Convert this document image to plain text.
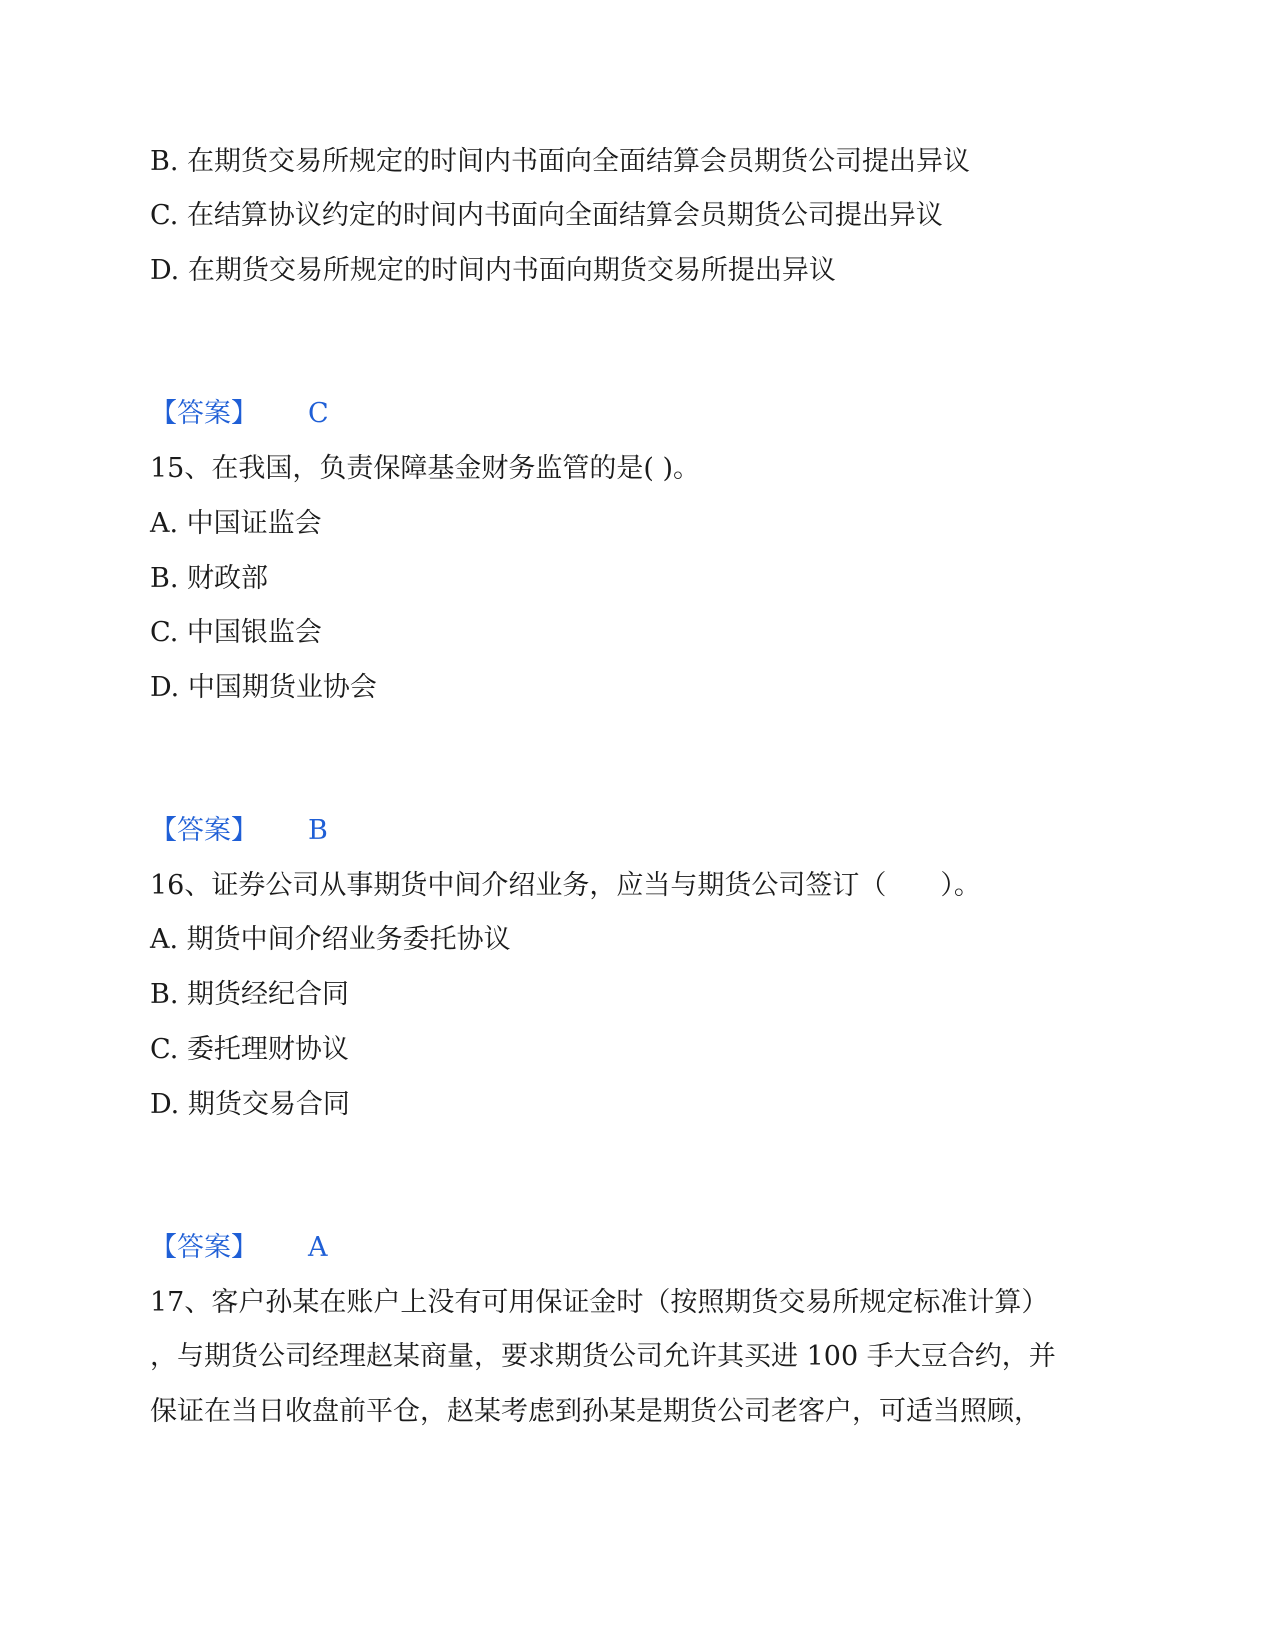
B. 在期货交易所规定的时间内书面向全面结算会员期货公司提出异议
C. 在结算协议约定的时间内书面向全面结算会员期货公司提出异议
D. 在期货交易所规定的时间内书面向期货交易所提出异议
【答案】 C
15、在我国，负责保障基金财务监管的是( )。
A. 中国证监会
B. 财政部
C. 中国银监会
D. 中国期货业协会
【答案】 B
16、证券公司从事期货中间介绍业务，应当与期货公司签订（　　）。
A. 期货中间介绍业务委托协议
B. 期货经纪合同
C. 委托理财协议
D. 期货交易合同
【答案】 A
17、客户孙某在账户上没有可用保证金时（按照期货交易所规定标准计算）
，与期货公司经理赵某商量，要求期货公司允许其买进 100 手大豆合约，并
保证在当日收盘前平仓，赵某考虑到孙某是期货公司老客户，可适当照顾，
